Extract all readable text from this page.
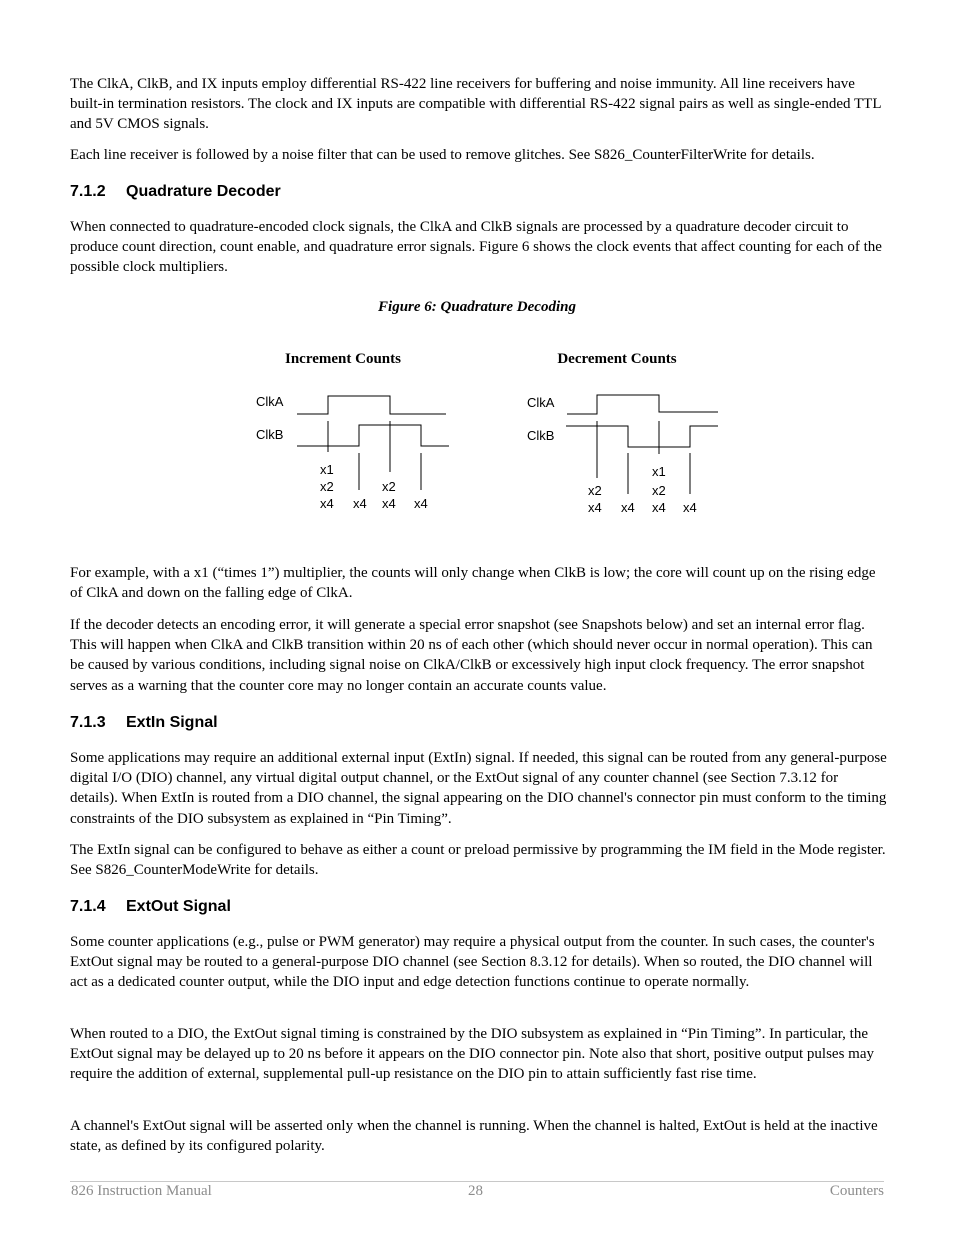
The ClkA, ClkB, and IX inputs employ differential RS-422 line receivers for buffering and noise immunity. All line receivers have built-in termination resistors. The clock and IX inputs are compatible with differential RS-422 signal pairs as well as single-ended TTL and 5V CMOS signals.

Each line receiver is followed by a noise filter that can be used to remove glitches. See S826_CounterFilterWrite for details.

7.1.2 Quadrature Decoder

When connected to quadrature-encoded clock signals, the ClkA and ClkB signals are processed by a quadrature decoder circuit to produce count direction, count enable, and quadrature error signals. Figure 6 shows the clock events that affect counting for each of the possible clock multipliers.

Figure 6: Quadrature Decoding

Increment Counts	Decrement Counts
ClkA
ClkB
ClkA
ClkB
x1
x2
x4 x4
x2
x4 x4
x2
x4 x4
x1
x2
x4 x4

For example, with a x1 (“times 1”) multiplier, the counts will only change when ClkB is low; the core will count up on the rising edge of ClkA and down on the falling edge of ClkA.

If the decoder detects an encoding error, it will generate a special error snapshot (see Snapshots below) and set an internal error flag. This will happen when ClkA and ClkB transition within 20 ns of each other (which should never occur in normal operation). This can be caused by various conditions, including signal noise on ClkA/ClkB or excessively high input clock frequency. The error snapshot serves as a warning that the counter core may no longer contain an accurate counts value.

7.1.3 ExtIn Signal

Some applications may require an additional external input (ExtIn) signal. If needed, this signal can be routed from any general-purpose digital I/O (DIO) channel, any virtual digital output channel, or the ExtOut signal of any counter channel (see Section 7.3.12 for details). When ExtIn is routed from a DIO channel, the signal appearing on the DIO channel's connector pin must conform to the timing constraints of the DIO subsystem as explained in “Pin Timing”.

The ExtIn signal can be configured to behave as either a count or preload permissive by programming the IM field in the Mode register. See S826_CounterModeWrite for details.

7.1.4 ExtOut Signal

Some counter applications (e.g., pulse or PWM generator) may require a physical output from the counter. In such cases, the counter's ExtOut signal may be routed to a general-purpose DIO channel (see Section 8.3.12 for details). When so routed, the DIO channel will act as a dedicated counter output, while the DIO input and edge detection functions continue to operate normally.

When routed to a DIO, the ExtOut signal timing is constrained by the DIO subsystem as explained in “Pin Timing”. In particular, the ExtOut signal may be delayed up to 20 ns before it appears on the DIO connector pin. Note also that short, positive output pulses may require the addition of external, supplemental pull-up resistance on the DIO pin to attain sufficiently fast rise time.

A channel's ExtOut signal will be asserted only when the channel is running. When the channel is halted, ExtOut is held at the inactive state, as defined by its configured polarity.

826 Instruction Manual	28	Counters
